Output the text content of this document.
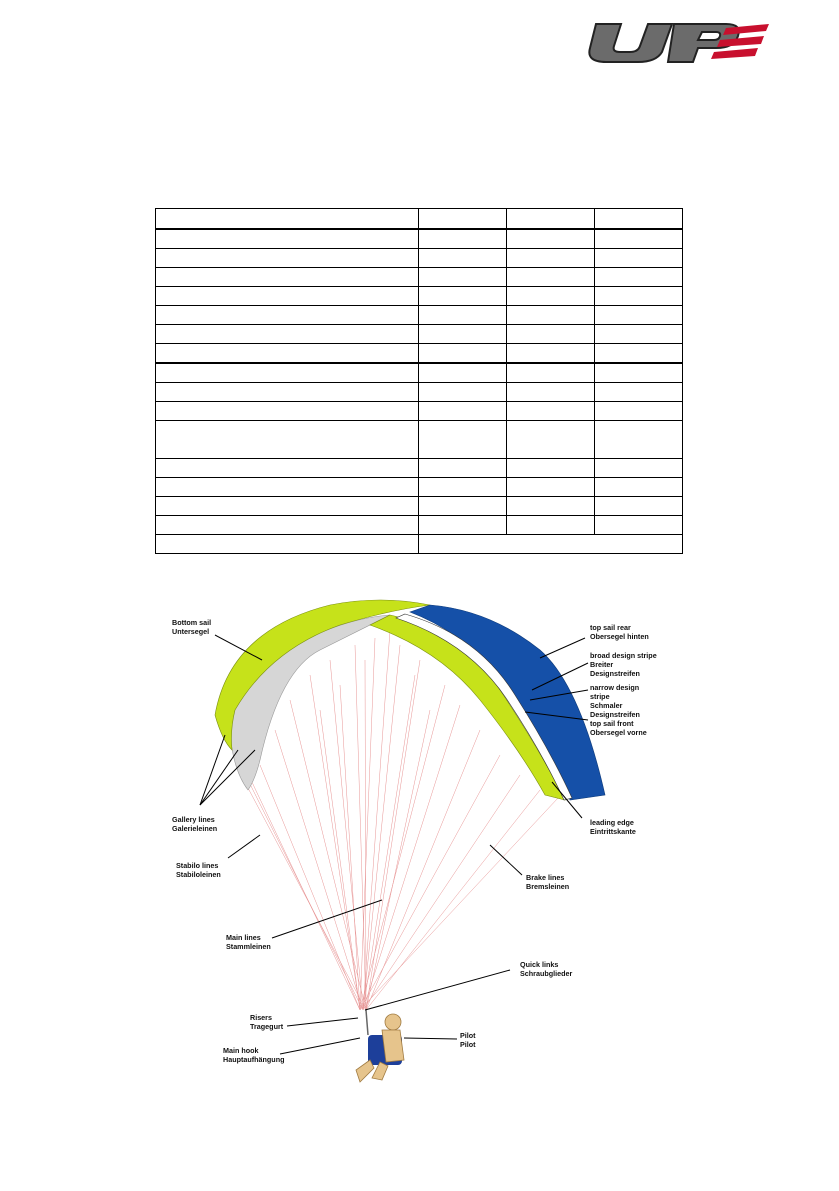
Bottom sail Untersegel	top sail rear Obersegel hinten
broad design stripe Breiter Designstreifen
narrow design stripe Schmaler Designstreifen
top sail front Obersegel vorne
Gallery lines Galerieleinen
Stabilo lines Stabiloleinen
leading edge Eintrittskante
Brake lines Bremsleinen
Main lines Stammleinen
Quick links Schraubglieder
Risers Tragegurt
Pilot Pilot
Main hook Hauptaufhängung
